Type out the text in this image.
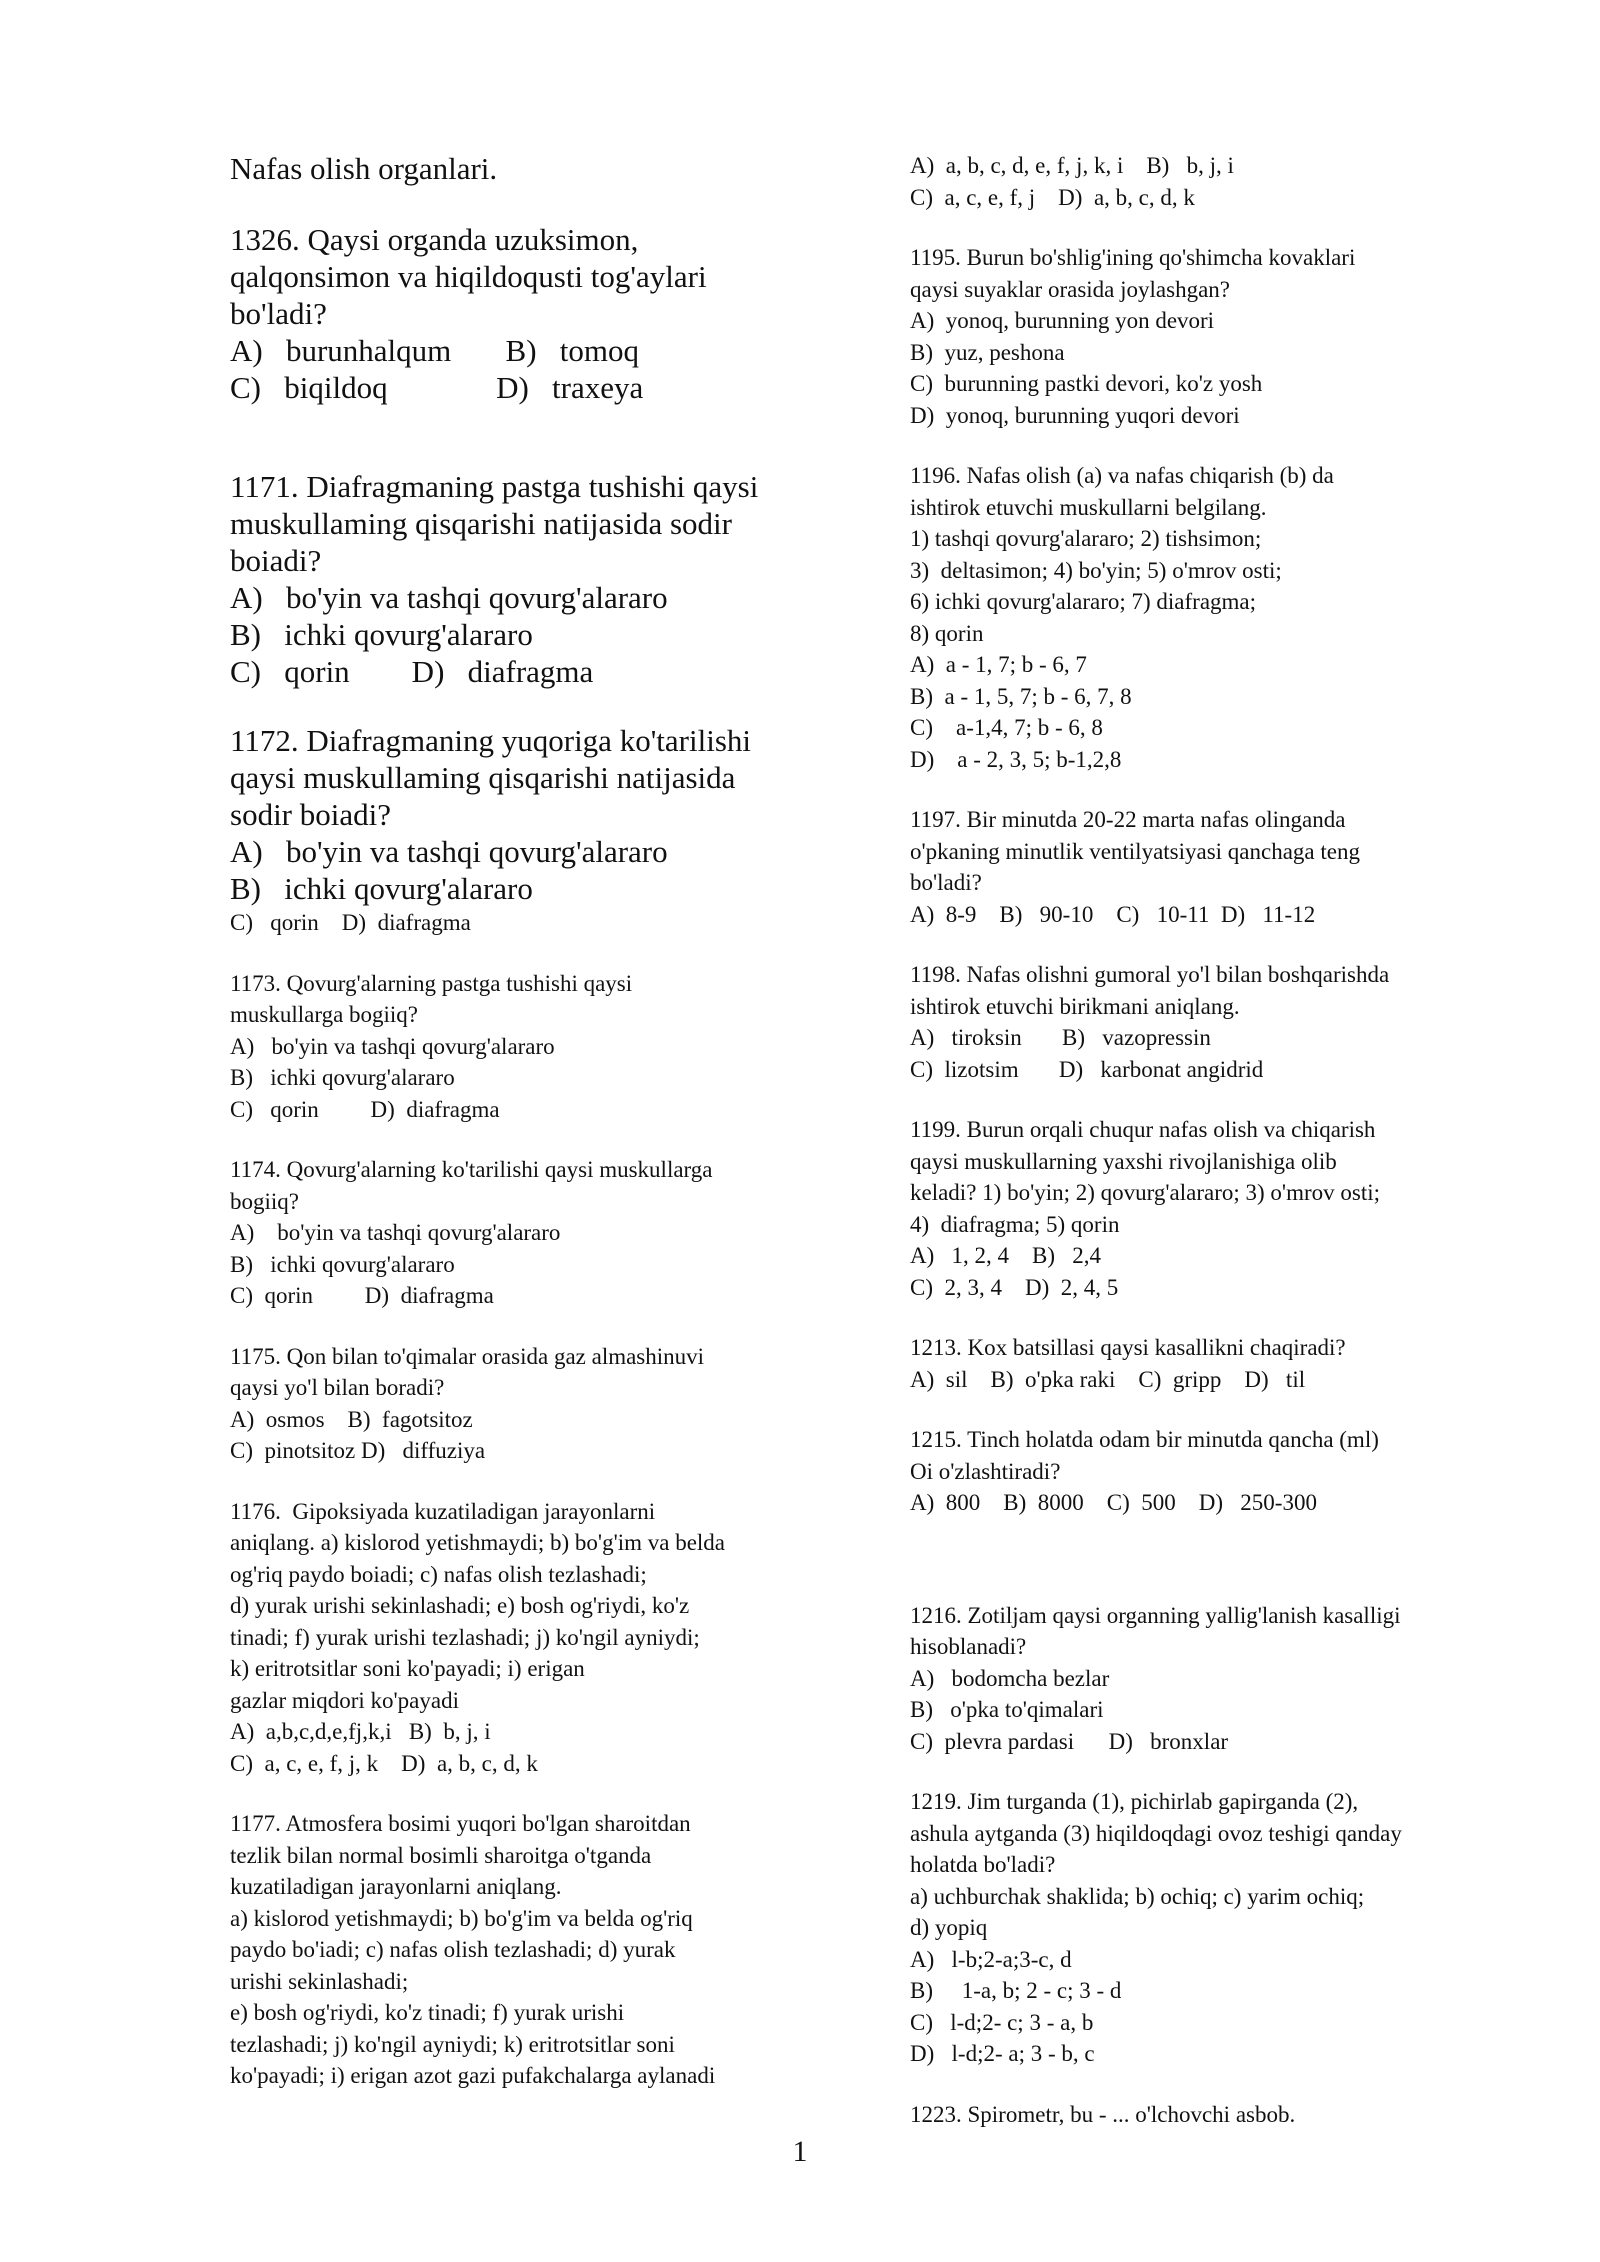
Nafas olish organlari.
1326. Qaysi organda uzuksimon,
qalqonsimon va hiqildoqusti tog'aylari
bo'ladi?
A)   burunhalqum       B)   tomoq
C)   biqildoq              D)   traxeya
1171. Diafragmaning pastga tushishi qaysi
muskullaming qisqarishi natijasida sodir
boiadi?
A)   bo'yin va tashqi qovurg'alararo
B)   ichki qovurg'alararo
C)   qorin        D)   diafragma
1172. Diafragmaning yuqoriga ko'tarilishi
qaysi muskullaming qisqarishi natijasida
sodir boiadi?
A)   bo'yin va tashqi qovurg'alararo
B)   ichki qovurg'alararo
C)   qorin    D)  diafragma
1173. Qovurg'alarning pastga tushishi qaysi
muskullarga bogiiq?
A)   bo'yin va tashqi qovurg'alararo
B)   ichki qovurg'alararo
C)   qorin         D)  diafragma
1174. Qovurg'alarning ko'tarilishi qaysi muskullarga
bogiiq?
A)    bo'yin va tashqi qovurg'alararo
B)   ichki qovurg'alararo
C)  qorin         D)  diafragma
1175. Qon bilan to'qimalar orasida gaz almashinuvi
qaysi yo'l bilan boradi?
A)  osmos    B)  fagotsitoz
C)  pinotsitoz D)   diffuziya
1176.  Gipoksiyada kuzatiladigan jarayonlarni
aniqlang. a) kislorod yetishmaydi; b) bo'g'im va belda
og'riq paydo boiadi; c) nafas olish tezlashadi;
d) yurak urishi sekinlashadi; e) bosh og'riydi, ko'z
tinadi; f) yurak urishi tezlashadi; j) ko'ngil ayniydi;
k) eritrotsitlar soni ko'payadi; i) erigan
gazlar miqdori ko'payadi
A)  a,b,c,d,e,fj,k,i   B)  b, j, i
C)  a, c, e, f, j, k    D)  a, b, c, d, k
1177. Atmosfera bosimi yuqori bo'lgan sharoitdan
tezlik bilan normal bosimli sharoitga o'tganda
kuzatiladigan jarayonlarni aniqlang.
a) kislorod yetishmaydi; b) bo'g'im va belda og'riq
paydo bo'iadi; c) nafas olish tezlashadi; d) yurak
urishi sekinlashadi;
e) bosh og'riydi, ko'z tinadi; f) yurak urishi
tezlashadi; j) ko'ngil ayniydi; k) eritrotsitlar soni
ko'payadi; i) erigan azot gazi pufakchalarga aylanadi
A)  a, b, c, d, e, f, j, k, i    B)   b, j, i
C)  a, c, e, f, j    D)  a, b, c, d, k
1195. Burun bo'shlig'ining qo'shimcha kovaklari
qaysi suyaklar orasida joylashgan?
A)  yonoq, burunning yon devori
B)  yuz, peshona
C)  burunning pastki devori, ko'z yosh
D)  yonoq, burunning yuqori devori
1196. Nafas olish (a) va nafas chiqarish (b) da
ishtirok etuvchi muskullarni belgilang.
1) tashqi qovurg'alararo; 2) tishsimon;
3)  deltasimon; 4) bo'yin; 5) o'mrov osti;
6) ichki qovurg'alararo; 7) diafragma;
8) qorin
A)  a - 1, 7; b - 6, 7
B)  a - 1, 5, 7; b - 6, 7, 8
C)    a-1,4, 7; b - 6, 8
D)    a - 2, 3, 5; b-1,2,8
1197. Bir minutda 20-22 marta nafas olinganda
o'pkaning minutlik ventilyatsiyasi qanchaga teng
bo'ladi?
A)  8-9    B)   90-10    C)   10-11  D)   11-12
1198. Nafas olishni gumoral yo'l bilan boshqarishda
ishtirok etuvchi birikmani aniqlang.
A)   tiroksin       B)   vazopressin
C)  lizotsim       D)   karbonat angidrid
1199. Burun orqali chuqur nafas olish va chiqarish
qaysi muskullarning yaxshi rivojlanishiga olib
keladi? 1) bo'yin; 2) qovurg'alararo; 3) o'mrov osti;
4)  diafragma; 5) qorin
A)   1, 2, 4    B)   2,4
C)  2, 3, 4    D)  2, 4, 5
1213. Kox batsillasi qaysi kasallikni chaqiradi?
A)  sil    B)  o'pka raki    C)  gripp    D)   til
1215. Tinch holatda odam bir minutda qancha (ml)
Oi o'zlashtiradi?
A)  800    B)  8000    C)  500    D)   250-300
1216. Zotiljam qaysi organning yallig'lanish kasalligi
hisoblanadi?
A)   bodomcha bezlar
B)   o'pka to'qimalari
C)  plevra pardasi      D)   bronxlar
1219. Jim turganda (1), pichirlab gapirganda (2),
ashula aytganda (3) hiqildoqdagi ovoz teshigi qanday
holatda bo'ladi?
a) uchburchak shaklida; b) ochiq; c) yarim ochiq;
d) yopiq
A)   l-b;2-a;3-c, d
B)     1-a, b; 2 - c; 3 - d
C)   l-d;2- c; 3 - a, b
D)   l-d;2- a; 3 - b, c
1223. Spirometr, bu - ... o'lchovchi asbob.
1
